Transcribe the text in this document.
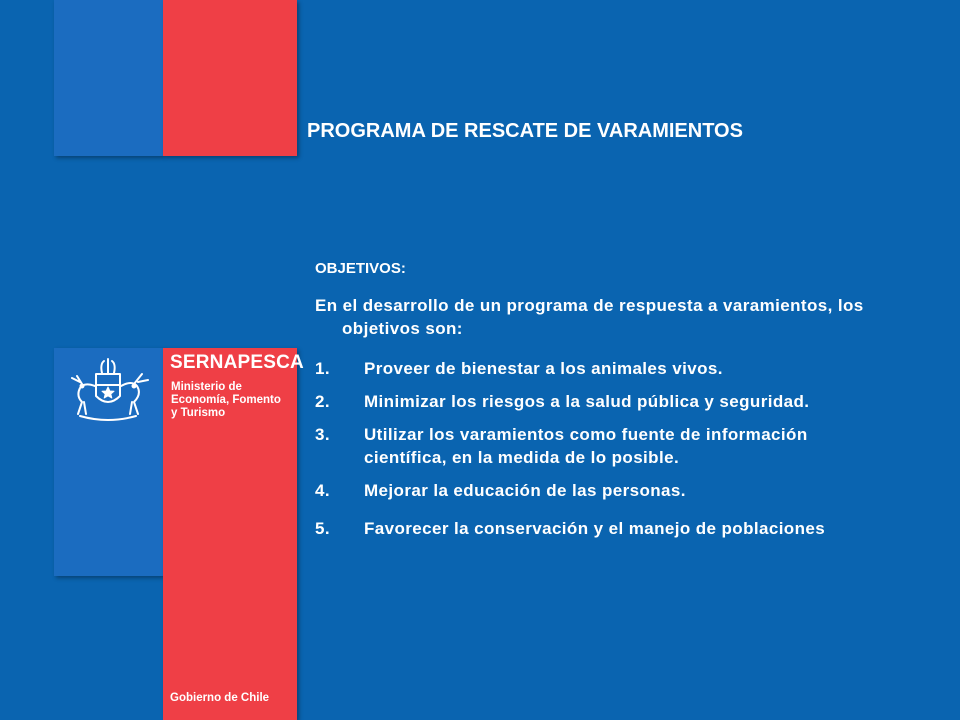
SERNAPESCA
Ministerio de
Economía, Fomento
y Turismo
Gobierno de Chile
PROGRAMA DE RESCATE DE VARAMIENTOS
OBJETIVOS:
En el desarrollo de un programa de respuesta a varamientos, los objetivos son:
1. Proveer de bienestar a los animales vivos.
2. Minimizar los riesgos a la salud pública y seguridad.
3. Utilizar los varamientos como fuente de información científica, en la medida de lo posible.
4. Mejorar la educación de las personas.
5. Favorecer la conservación y el manejo de poblaciones
